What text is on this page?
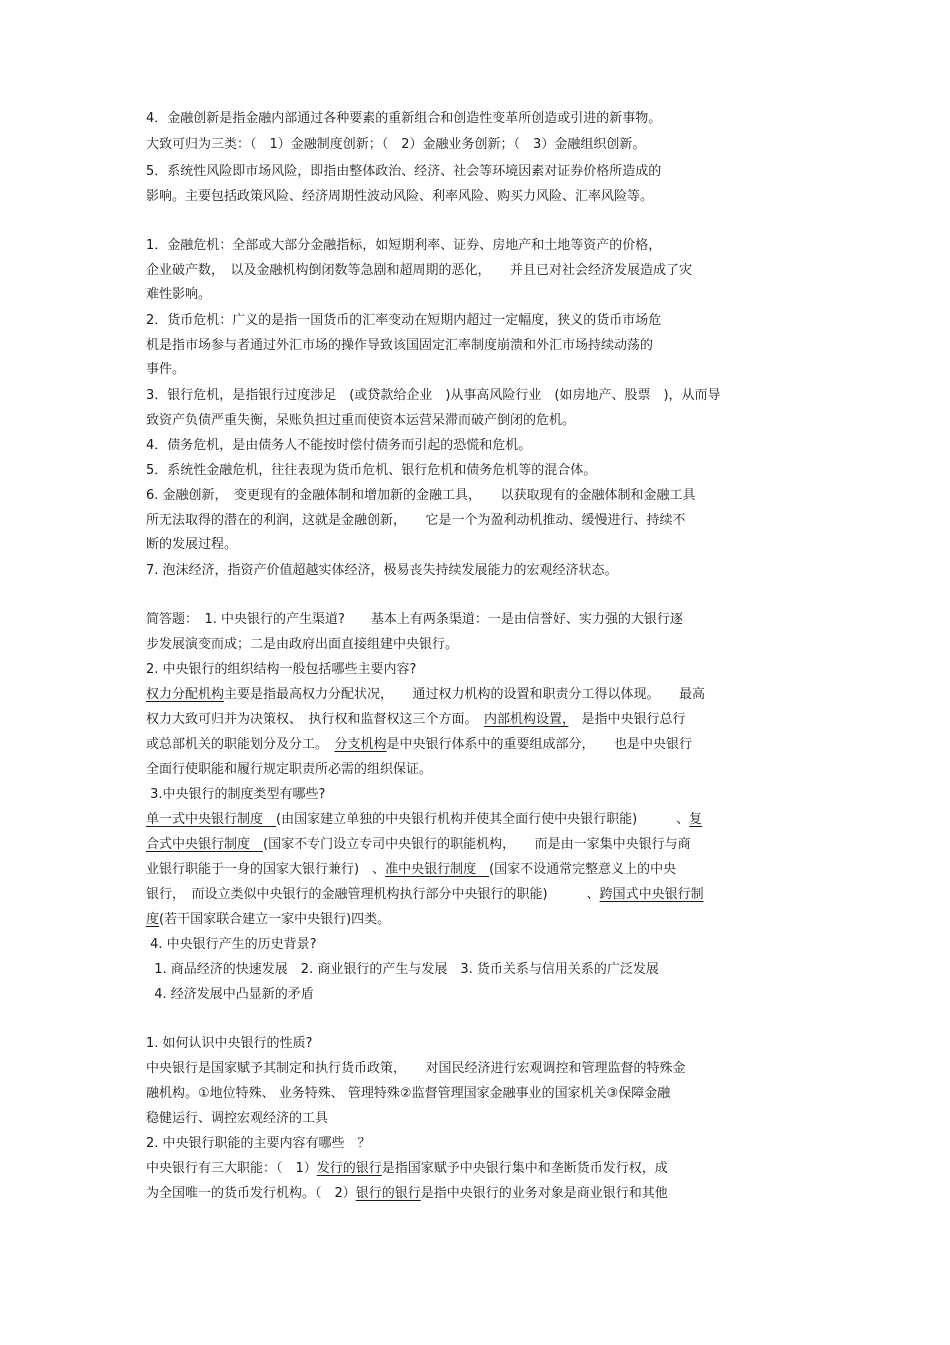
4．金融创新是指金融内部通过各种要素的重新组合和创造性变革所创造或引进的新事物。
大致可归为三类：（　1）金融制度创新；（　2）金融业务创新；（　3）金融组织创新。
5．系统性风险即市场风险，即指由整体政治、经济、社会等环境因素对证券价格所造成的
影响。主要包括政策风险、经济周期性波动风险、利率风险、购买力风险、汇率风险等。
1．金融危机：全部或大部分金融指标，如短期利率、证券、房地产和土地等资产的价格，
企业破产数，　以及金融机构倒闭数等急剧和超周期的恶化，　　并且已对社会经济发展造成了灾
难性影响。
2．货币危机：广义的是指一国货币的汇率变动在短期内超过一定幅度，狭义的货币市场危
机是指市场参与者通过外汇市场的操作导致该国固定汇率制度崩溃和外汇市场持续动荡的
事件。
3．银行危机，是指银行过度涉足　(或贷款给企业　)从事高风险行业　(如房地产、股票　)，从而导
致资产负债严重失衡，呆账负担过重而使资本运营呆滞而破产倒闭的危机。
4．债务危机，是由债务人不能按时偿付债务而引起的恐慌和危机。
5．系统性金融危机，往往表现为货币危机、银行危机和债务危机等的混合体。
6. 金融创新，　变更现有的金融体制和增加新的金融工具，　　以获取现有的金融体制和金融工具
所无法取得的潜在的利润，这就是金融创新，　　它是一个为盈利动机推动、缓慢进行、持续不
断的发展过程。
7. 泡沫经济，指资产价值超越实体经济，极易丧失持续发展能力的宏观经济状态。
简答题：　1. 中央银行的产生渠道?　　基本上有两条渠道：一是由信誉好、实力强的大银行逐
步发展演变而成；二是由政府出面直接组建中央银行。
2. 中央银行的组织结构一般包括哪些主要内容?
权力分配机构主要是指最高权力分配状况，　　通过权力机构的设置和职责分工得以体现。　　最高
权力大致可归并为决策权、　执行权和监督权这三个方面。　内部机构设置，　是指中央银行总行
或总部机关的职能划分及分工。　分支机构是中央银行体系中的重要组成部分，　　也是中央银行
全面行使职能和履行规定职责所必需的组织保证。
3.中央银行的制度类型有哪些?
单一式中央银行制度　(由国家建立单独的中央银行机构并使其全面行使中央银行职能)　　　、复
合式中央银行制度　(国家不专门设立专司中央银行的职能机构，　　而是由一家集中央银行与商
业银行职能于一身的国家大银行兼行)　、准中央银行制度　(国家不设通常完整意义上的中央
银行，　而设立类似中央银行的金融管理机构执行部分中央银行的职能)　　　、跨国式中央银行制
度(若干国家联合建立一家中央银行)四类。
4. 中央银行产生的历史背景?
1. 商品经济的快速发展　2. 商业银行的产生与发展　3. 货币关系与信用关系的广泛发展
4. 经济发展中凸显新的矛盾
1. 如何认识中央银行的性质?
中央银行是国家赋予其制定和执行货币政策，　　对国民经济进行宏观调控和管理监督的特殊金
融机构。①地位特殊、 业务特殊、 管理特殊②监督管理国家金融事业的国家机关③保障金融
稳健运行、调控宏观经济的工具
2. 中央银行职能的主要内容有哪些　？
中央银行有三大职能：（　1）发行的银行是指国家赋予中央银行集中和垄断货币发行权，成
为全国唯一的货币发行机构。（　2）银行的银行是指中央银行的业务对象是商业银行和其他
